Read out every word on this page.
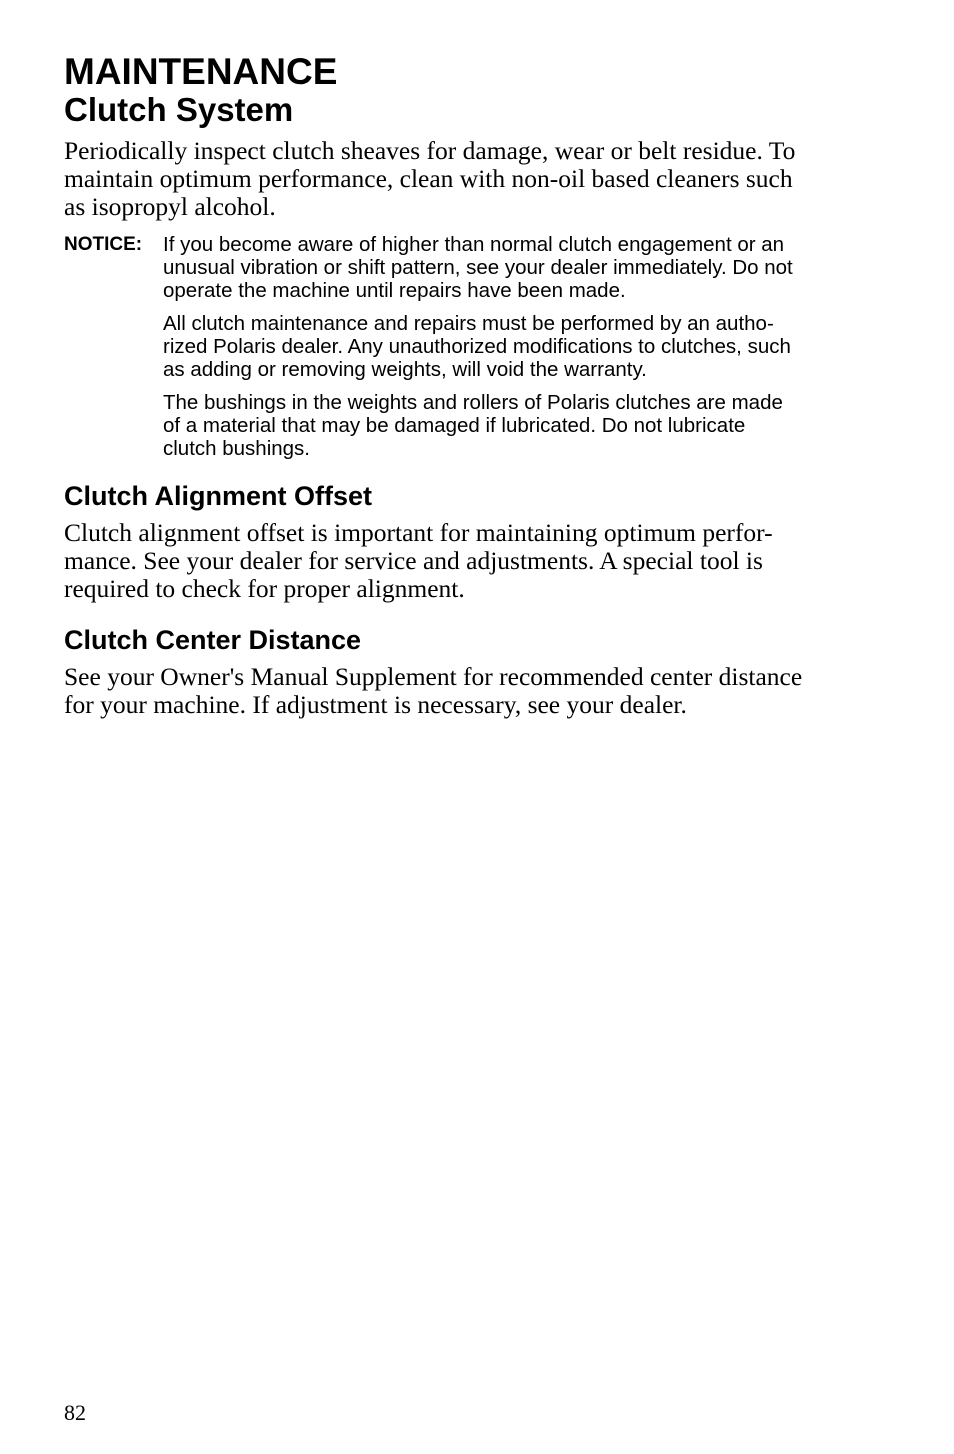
MAINTENANCE
Clutch System

Periodically inspect clutch sheaves for damage, wear or belt residue. To
maintain optimum performance, clean with non-oil based cleaners such
as isopropyl alcohol.

NOTICE:	If you become aware of higher than normal clutch engagement or an
unusual vibration or shift pattern, see your dealer immediately. Do not
operate the machine until repairs have been made.

All clutch maintenance and repairs must be performed by an autho-
rized Polaris dealer. Any unauthorized modifications to clutches, such
as adding or removing weights, will void the warranty.

The bushings in the weights and rollers of Polaris clutches are made
of a material that may be damaged if lubricated. Do not lubricate
clutch bushings.

Clutch Alignment Offset

Clutch alignment offset is important for maintaining optimum perfor-
mance. See your dealer for service and adjustments. A special tool is
required to check for proper alignment.

Clutch Center Distance

See your Owner's Manual Supplement for recommended center distance
for your machine. If adjustment is necessary, see your dealer.

82
